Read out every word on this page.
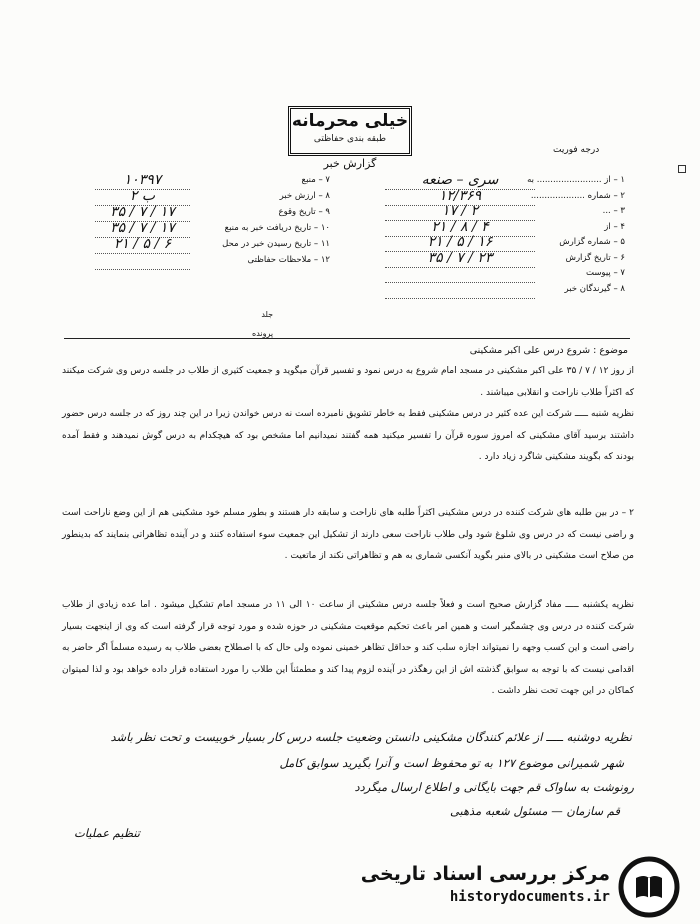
خیلی محرمانه
طبقه بندی حفاظتی
گزارش خبر
درجه فوریت
۱ – از ........................ به
سری – صنعه
۲ – شماره ....................
۱۲/۳۶۹
۳ – ...
۱۷ / ۲
۴ – از
۲۱ / ۸ / ۴
۵ – شماره گزارش
۲۱ / ۵ / ۱۶
۶ – تاریخ گزارش
۳۵ / ۷ / ۲۳
۷ – پیوست
۸ – گیرندگان خبر
۷ – منبع
۱۰۳۹۷
۸ – ارزش خبر
ب ۲
۹ – تاریخ وقوع
۳۵ / ۷ / ۱۷
۱۰ – تاریخ دریافت خبر به منبع
۳۵ / ۷ / ۱۷
۱۱ – تاریخ رسیدن خبر در محل
۲۱ / ۵ / ۶
۱۲ – ملاحظات حفاظتی
جلد
پرونده
موضوع : شروع درس علی اکبر مشکینی

از روز ۱۲ / ۷ / ۳۵ علی اکبر مشکینی در مسجد امام شروع به درس نمود و تفسیر قرآن میگوید و جمعیت کثیری از طلاب در جلسه درس وی شرکت میکنند که اکثراً طلاب ناراحت و انقلابی میباشند .

نظریه شنبه ـــــ شرکت این عده کثیر در درس مشکینی فقط به خاطر تشویق نامبرده است نه درس خواندن زیرا در این چند روز که در جلسه درس حضور داشتند برسید آقای مشکینی که امروز سوره قرآن را تفسیر میکنید همه گفتند نمیدانیم اما مشخص بود که هیچکدام به درس گوش نمیدهند و فقط آمده بودند که بگویند مشکینی شاگرد زیاد دارد .

۲ – در بین طلبه های شرکت کننده در درس مشکینی اکثراً طلبه های ناراحت و سابقه دار هستند و بطور مسلم خود مشکینی هم از این وضع ناراحت است و راضی نیست که در درس وی شلوغ شود ولی طلاب ناراحت سعی دارند از تشکیل این جمعیت سوء استفاده کنند و در آینده تظاهراتی بنمایند که بدینطور من صلاح است مشکینی در بالای منبر بگوید آنکسی شماری به هم و تظاهراتی نکند از ماتعیت .

نظریه یکشنبه ـــــ مفاد گزارش صحیح است و فعلاً جلسه درس مشکینی از ساعت ۱۰ الی ۱۱ در مسجد امام تشکیل میشود . اما عده زیادی از طلاب شرکت کننده در درس وی چشمگیر است و همین امر باعث تحکیم موقعیت مشکینی در حوزه شده و مورد توجه قرار گرفته است که وی از اینجهت بسیار راضی است و این کسب وجهه را نمیتواند اجازه سلب کند و حداقل تظاهر خمینی نموده ولی حال که با اصطلاح بعضی طلاب به رسیده مسلماً اگر حاضر به اقدامی نیست که با توجه به سوابق گذشته اش از این رهگذر در آینده لزوم پیدا کند و مطمئناً این طلاب را مورد استفاده قرار داده خواهد بود و لذا لمیتوان کماکان در این جهت تحت نظر داشت .

نظریه دوشنبه ـــــ از علائم کنندگان مشکینی دانستن وضعیت جلسه درس کار بسیار خوبیست و تحت نظر باشد
شهر شمیرانی موضوع ۱۲۷ به تو محفوظ است و آنرا بگیرید سوابق کامل
رونوشت به ساواک قم جهت بایگانی و اطلاع ارسال میگردد
قم سازمان — مسئول شعبه مذهبی
تنظیم عملیات
مرکز بررسی اسناد تاریخی
historydocuments.ir
